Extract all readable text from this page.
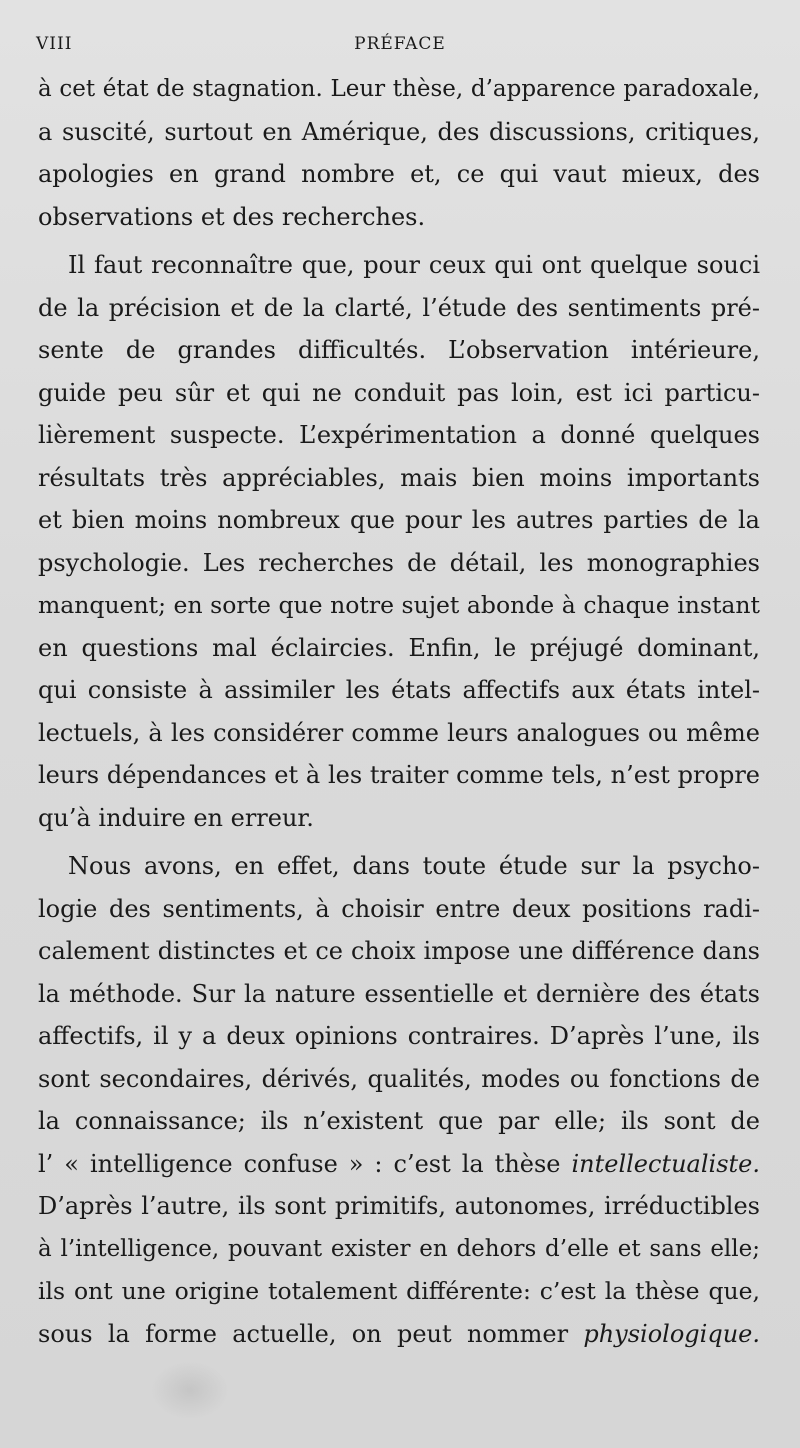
VIII	PRÉFACE
à cet état de stagnation. Leur thèse, d’apparence paradoxale,
a suscité, surtout en Amérique, des discussions, critiques,
apologies en grand nombre et, ce qui vaut mieux, des
observations et des recherches.
Il faut reconnaître que, pour ceux qui ont quelque souci
de la précision et de la clarté, l’étude des sentiments pré-
sente de grandes difficultés. L’observation intérieure,
guide peu sûr et qui ne conduit pas loin, est ici particu-
lièrement suspecte. L’expérimentation a donné quelques
résultats très appréciables, mais bien moins importants
et bien moins nombreux que pour les autres parties de la
psychologie. Les recherches de détail, les monographies
manquent; en sorte que notre sujet abonde à chaque instant
en questions mal éclaircies. Enfin, le préjugé dominant,
qui consiste à assimiler les états affectifs aux états intel-
lectuels, à les considérer comme leurs analogues ou même
leurs dépendances et à les traiter comme tels, n’est propre
qu’à induire en erreur.
Nous avons, en effet, dans toute étude sur la psycho-
logie des sentiments, à choisir entre deux positions radi-
calement distinctes et ce choix impose une différence dans
la méthode. Sur la nature essentielle et dernière des états
affectifs, il y a deux opinions contraires. D’après l’une, ils
sont secondaires, dérivés, qualités, modes ou fonctions de
la connaissance; ils n’existent que par elle; ils sont de
l’ « intelligence confuse » : c’est la thèse intellectualiste.
D’après l’autre, ils sont primitifs, autonomes, irréductibles
à l’intelligence, pouvant exister en dehors d’elle et sans elle;
ils ont une origine totalement différente: c’est la thèse que,
sous la forme actuelle, on peut nommer physiologique.
